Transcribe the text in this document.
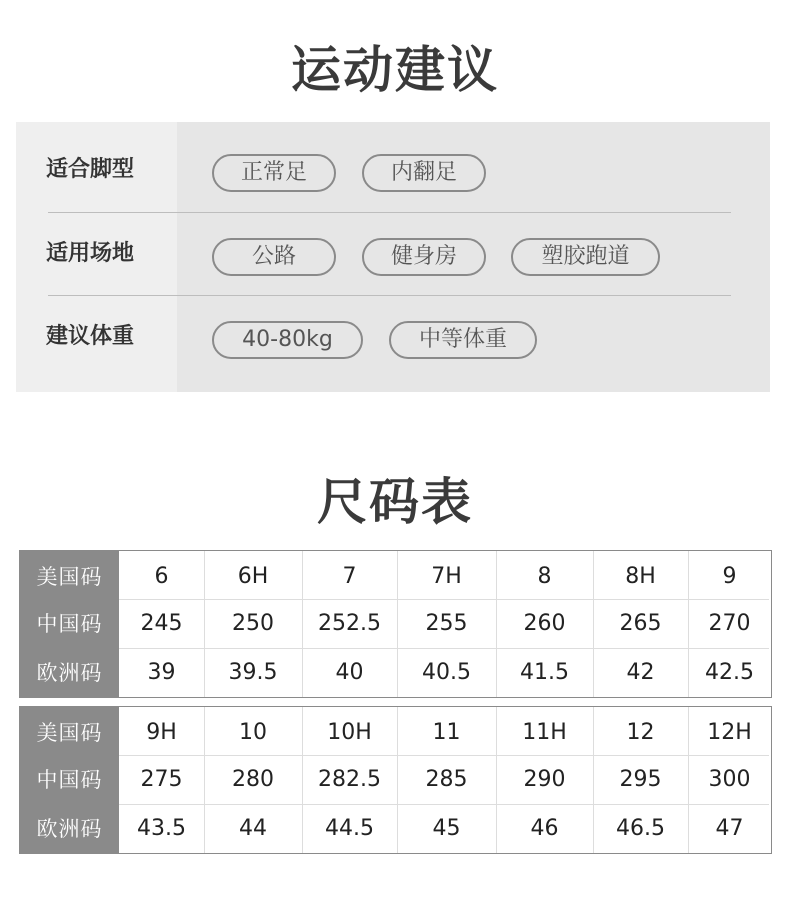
运动建议
适合脚型	正常足	内翻足
适用场地	公路	健身房	塑胶跑道
建议体重	40-80kg	中等体重
尺码表
美国码	6	6H	7	7H	8	8H	9
中国码	245	250	252.5	255	260	265	270
欧洲码	39	39.5	40	40.5	41.5	42	42.5
美国码	9H	10	10H	11	11H	12	12H
中国码	275	280	282.5	285	290	295	300
欧洲码	43.5	44	44.5	45	46	46.5	47
